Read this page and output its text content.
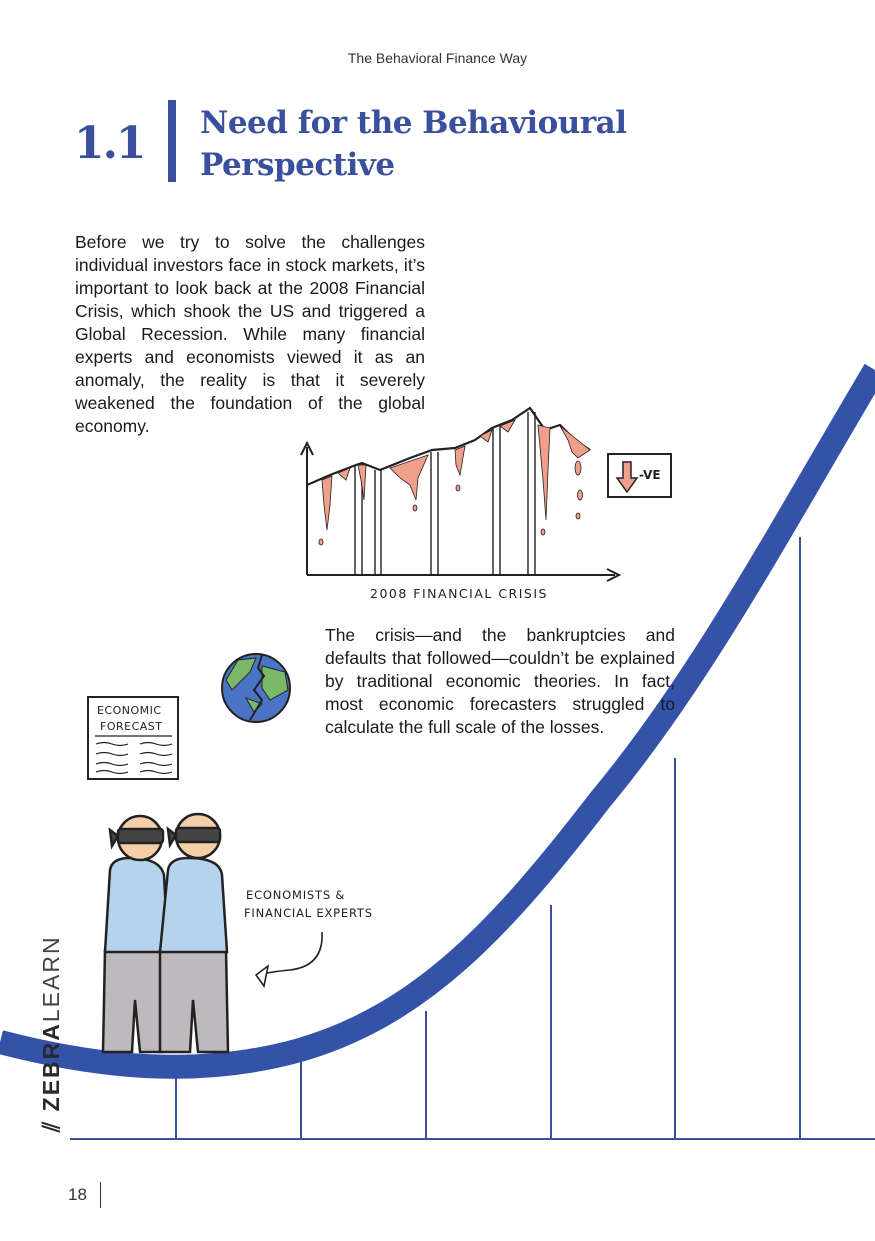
The Behavioral Finance Way
1.1 Need for the Behavioural
Perspective
2008 FINANCIAL CRISIS
-VE
ECONOMIC
FORECAST
ECONOMISTS &
FINANCIAL EXPERTS
Before we try to solve the challenges individual investors face in stock markets, it’s important to look back at the 2008 Financial Crisis, which shook the US and triggered a Global Recession. While many financial experts and economists viewed it as an anomaly, the reality is that it severely weakened the foundation of the global economy.
The crisis—and the bankruptcies and defaults that followed—couldn’t be explained by traditional economic theories. In fact, most economic forecasters struggled to calculate the full scale of the losses.
⫽ ZEBRALEARN
18
